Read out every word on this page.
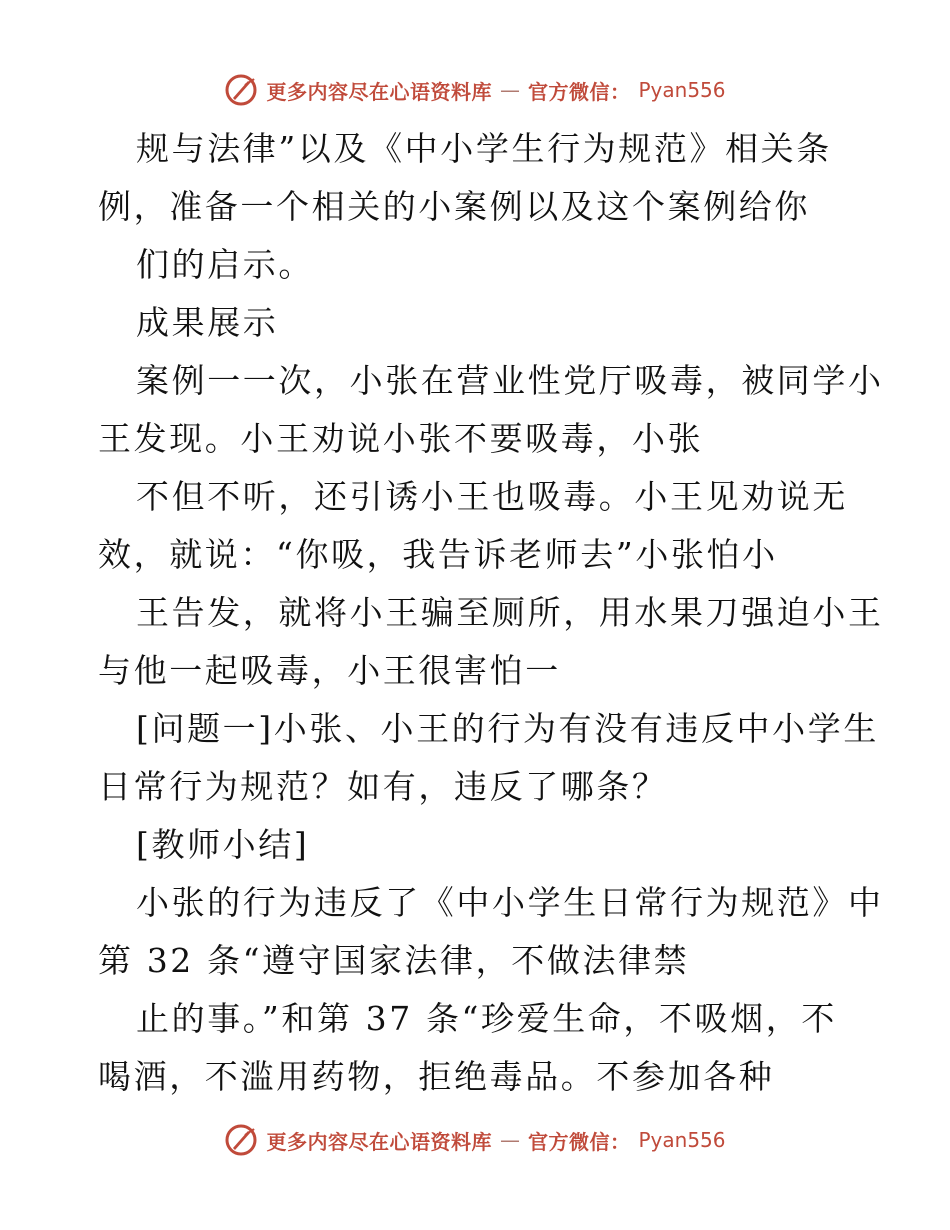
更多内容尽在心语资料库 — 官方微信： Pyan556
规与法律”以及《中小学生行为规范》相关条
例，准备一个相关的小案例以及这个案例给你
们的启示。
成果展示
案例一一次，小张在营业性党厅吸毒，被同学小
王发现。小王劝说小张不要吸毒，小张
不但不听，还引诱小王也吸毒。小王见劝说无
效，就说：“你吸，我告诉老师去”小张怕小
王告发，就将小王骗至厕所，用水果刀强迫小王
与他一起吸毒，小王很害怕一
[问题一]小张、小王的行为有没有违反中小学生
日常行为规范？如有，违反了哪条？
[教师小结]
小张的行为违反了《中小学生日常行为规范》中
第 32 条“遵守国家法律，不做法律禁
止的事。”和第 37 条“珍爱生命，不吸烟，不
喝酒，不滥用药物，拒绝毒品。不参加各种
更多内容尽在心语资料库 — 官方微信： Pyan556
